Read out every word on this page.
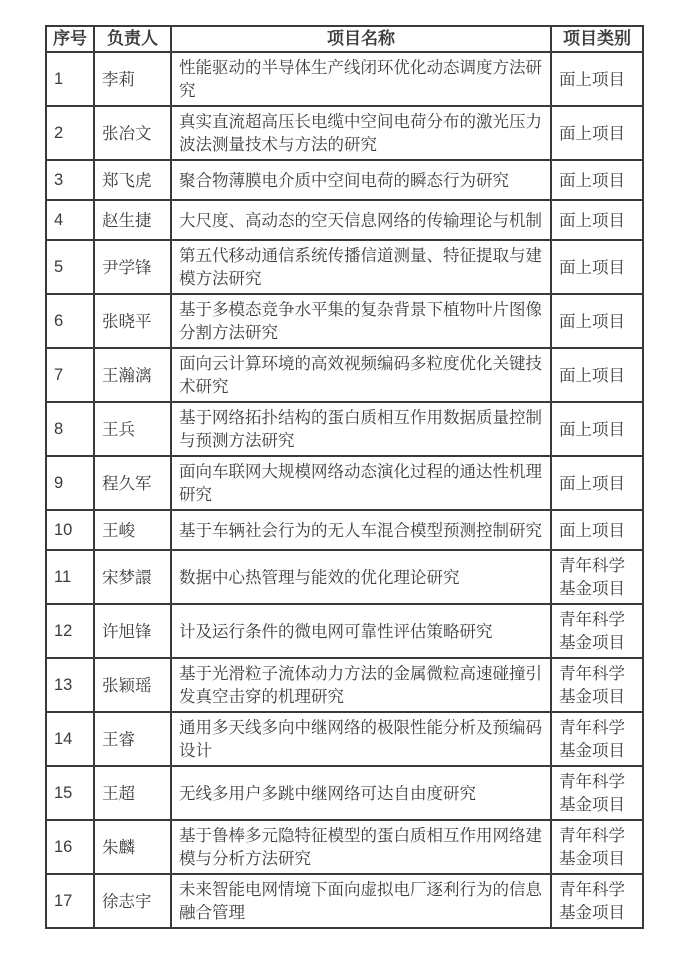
序号	负责人	项目名称	项目类别
1	李莉	性能驱动的半导体生产线闭环优化动态调度方法研究	面上项目
2	张冶文	真实直流超高压长电缆中空间电荷分布的激光压力波法测量技术与方法的研究	面上项目
3	郑飞虎	聚合物薄膜电介质中空间电荷的瞬态行为研究	面上项目
4	赵生捷	大尺度、高动态的空天信息网络的传输理论与机制	面上项目
5	尹学锋	第五代移动通信系统传播信道测量、特征提取与建模方法研究	面上项目
6	张晓平	基于多模态竞争水平集的复杂背景下植物叶片图像分割方法研究	面上项目
7	王瀚漓	面向云计算环境的高效视频编码多粒度优化关键技术研究	面上项目
8	王兵	基于网络拓扑结构的蛋白质相互作用数据质量控制与预测方法研究	面上项目
9	程久军	面向车联网大规模网络动态演化过程的通达性机理研究	面上项目
10	王峻	基于车辆社会行为的无人车混合模型预测控制研究	面上项目
11	宋梦譞	数据中心热管理与能效的优化理论研究	青年科学基金项目
12	许旭锋	计及运行条件的微电网可靠性评估策略研究	青年科学基金项目
13	张颖瑶	基于光滑粒子流体动力方法的金属微粒高速碰撞引发真空击穿的机理研究	青年科学基金项目
14	王睿	通用多天线多向中继网络的极限性能分析及预编码设计	青年科学基金项目
15	王超	无线多用户多跳中继网络可达自由度研究	青年科学基金项目
16	朱麟	基于鲁棒多元隐特征模型的蛋白质相互作用网络建模与分析方法研究	青年科学基金项目
17	徐志宇	未来智能电网情境下面向虚拟电厂逐利行为的信息融合管理	青年科学基金项目
